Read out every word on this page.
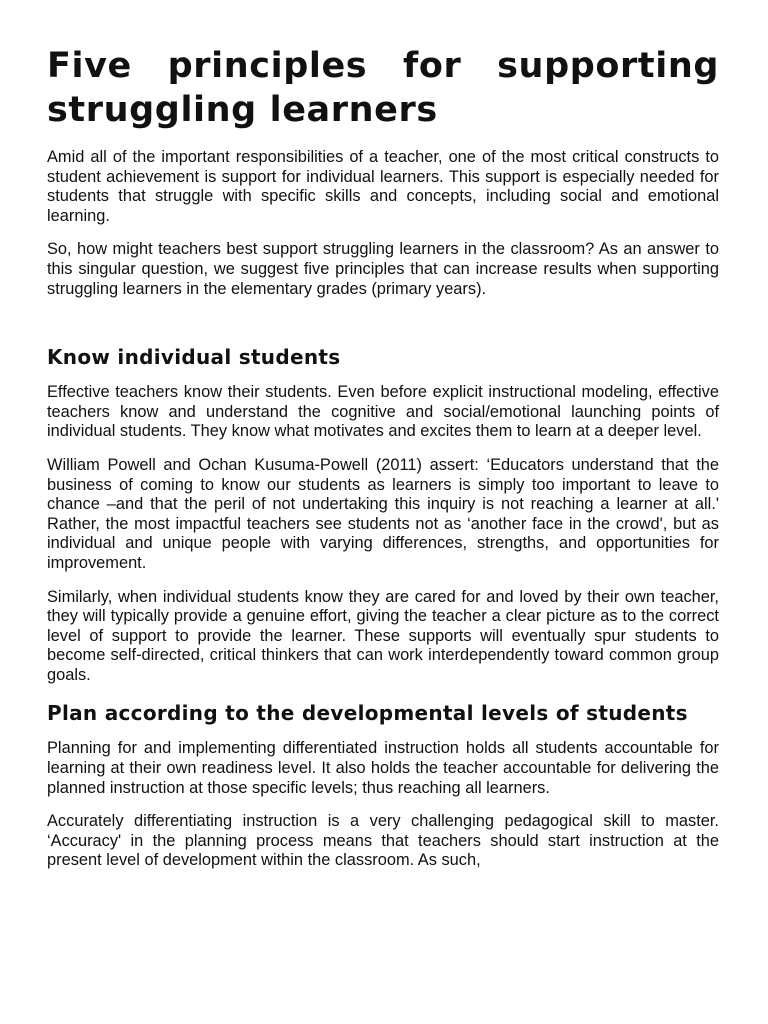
Five principles for supporting struggling learners

Amid all of the important responsibilities of a teacher, one of the most critical constructs to student achievement is support for individual learners. This support is especially needed for students that struggle with specific skills and concepts, including social and emotional learning.

So, how might teachers best support struggling learners in the classroom? As an answer to this singular question, we suggest five principles that can increase results when supporting struggling learners in the elementary grades (primary years).

Know individual students

Effective teachers know their students. Even before explicit instructional modeling, effective teachers know and understand the cognitive and social/emotional launching points of individual students. They know what motivates and excites them to learn at a deeper level.

William Powell and Ochan Kusuma-Powell (2011) assert: ‘Educators understand that the business of coming to know our students as learners is simply too important to leave to chance –and that the peril of not undertaking this inquiry is not reaching a learner at all.' Rather, the most impactful teachers see students not as ‘another face in the crowd', but as individual and unique people with varying differences, strengths, and opportunities for improvement.

Similarly, when individual students know they are cared for and loved by their own teacher, they will typically provide a genuine effort, giving the teacher a clear picture as to the correct level of support to provide the learner. These supports will eventually spur students to become self-directed, critical thinkers that can work interdependently toward common group goals.

Plan according to the developmental levels of students

Planning for and implementing differentiated instruction holds all students accountable for learning at their own readiness level. It also holds the teacher accountable for delivering the planned instruction at those specific levels; thus reaching all learners.

Accurately differentiating instruction is a very challenging pedagogical skill to master. ‘Accuracy' in the planning process means that teachers should start instruction at the present level of development within the classroom. As such,
